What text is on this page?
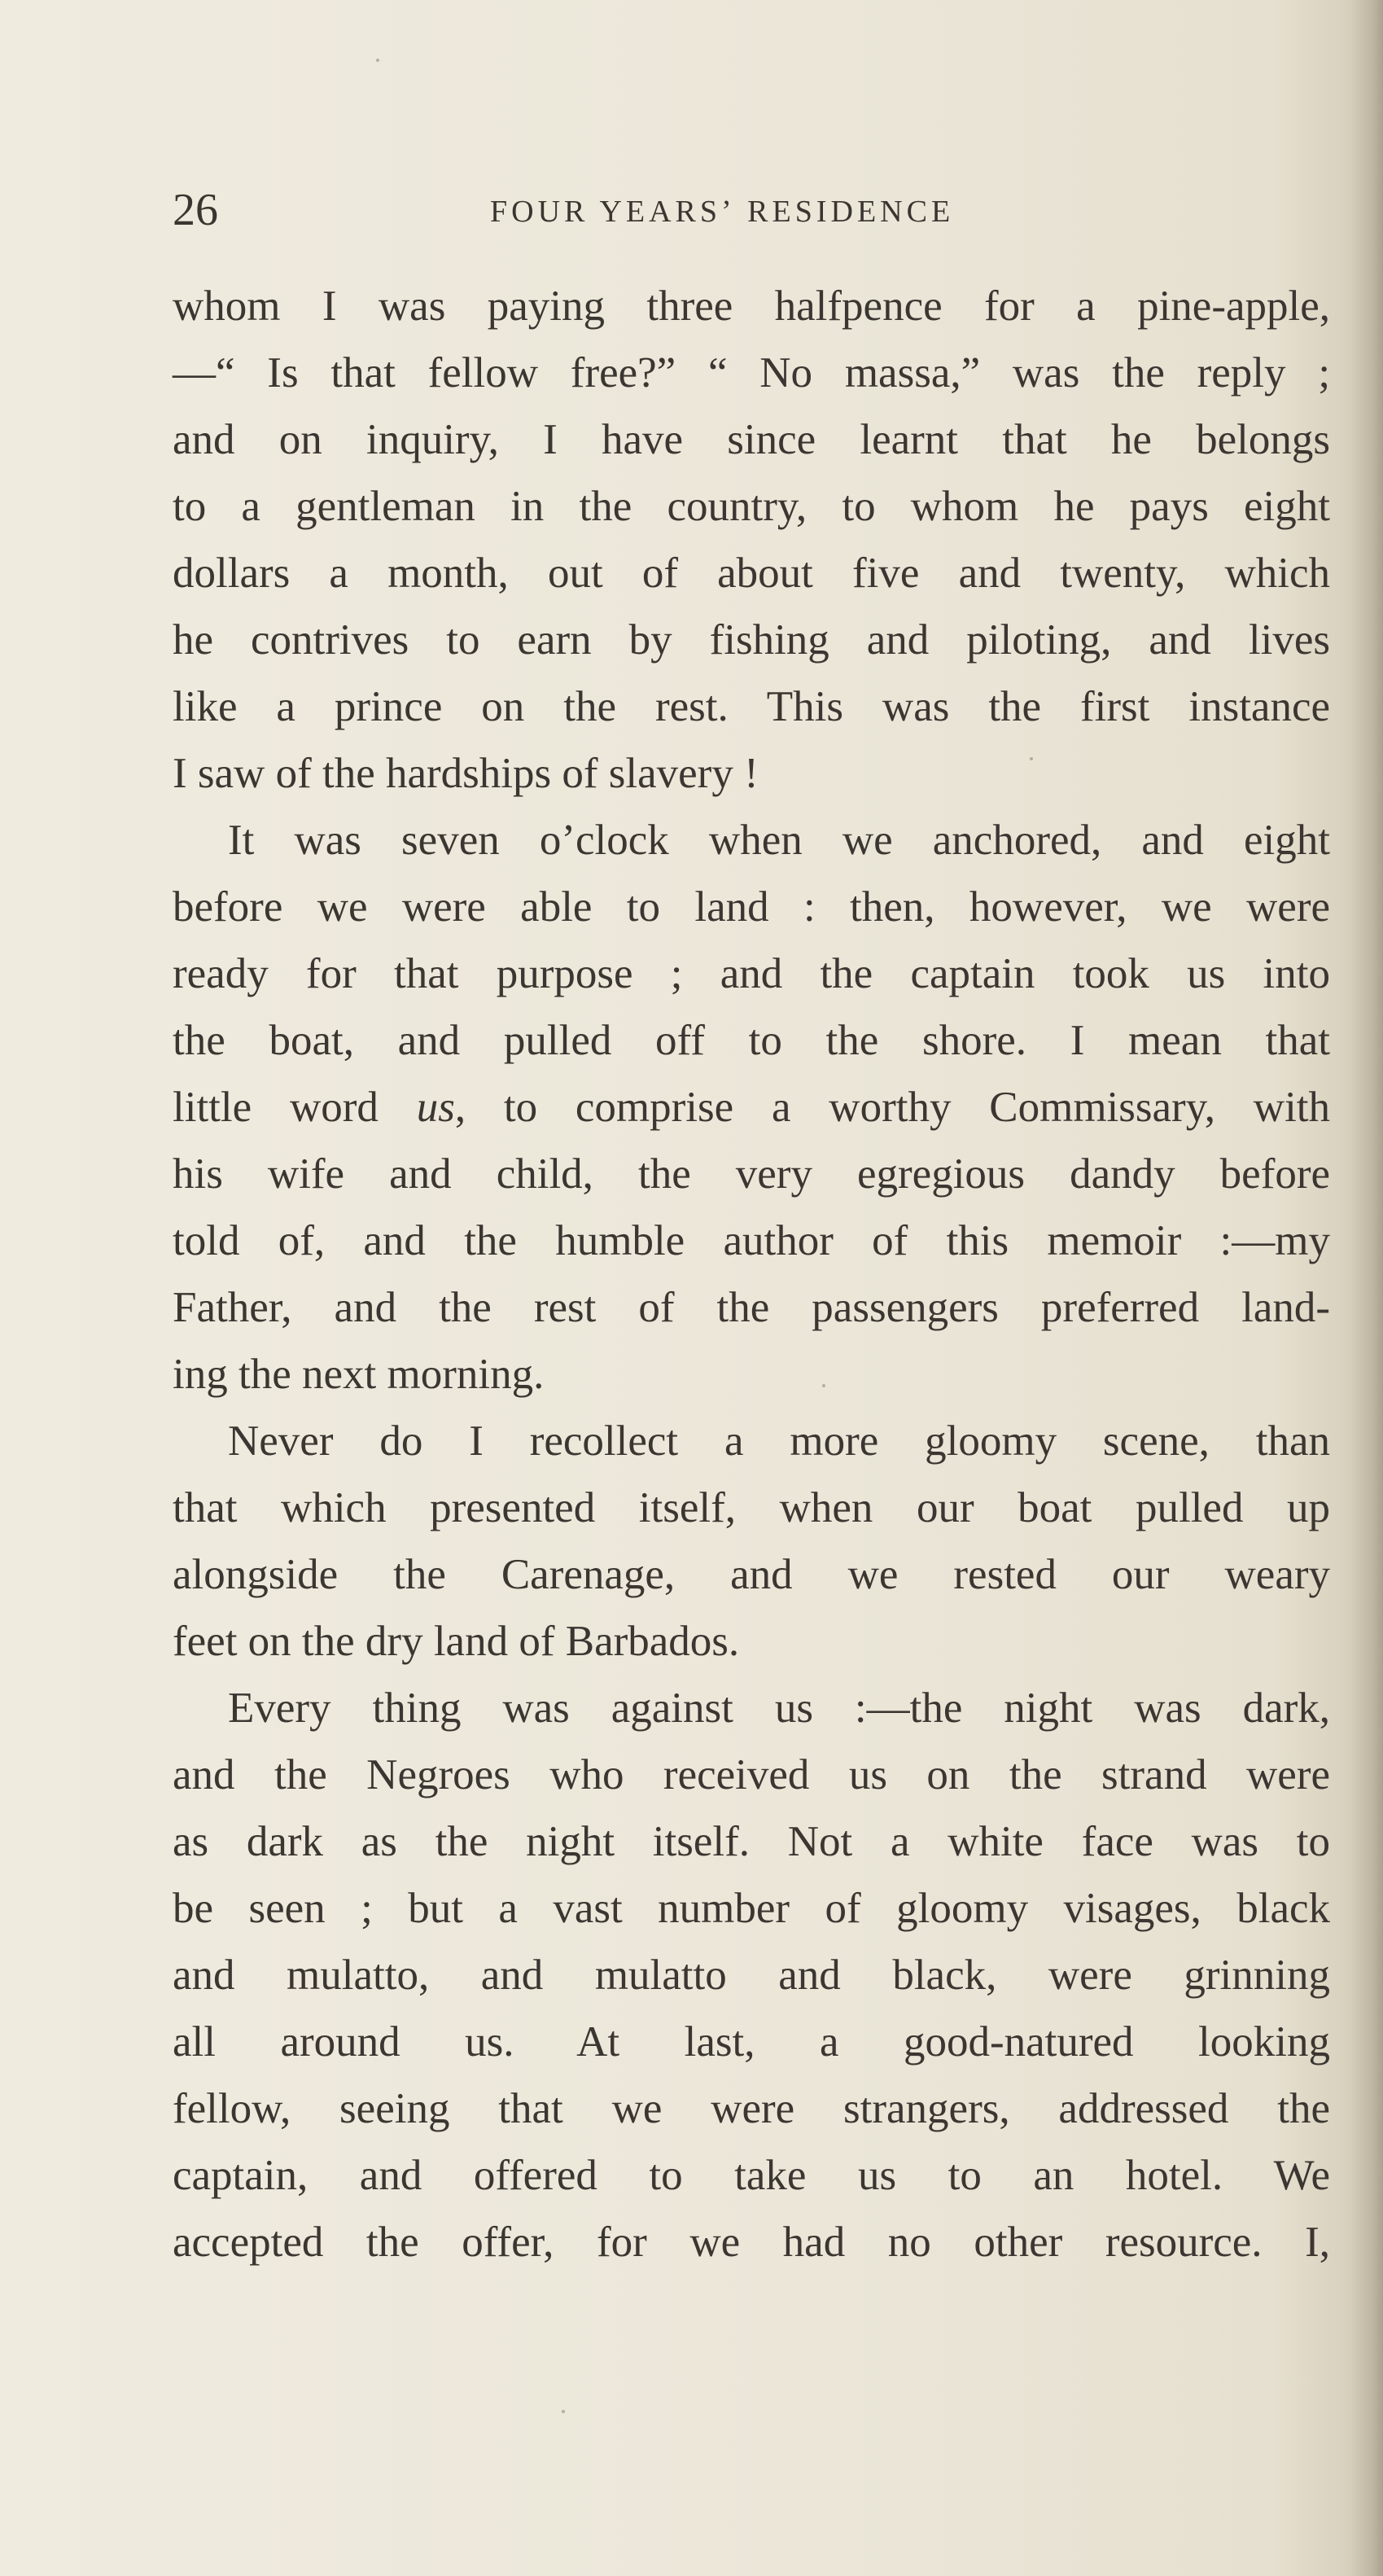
26	FOUR YEARSʼ RESIDENCE
whom I was paying three halfpence for a pine-apple,
—“ Is that fellow free?” “ No massa,” was the reply ;
and on inquiry, I have since learnt that he belongs
to a gentleman in the country, to whom he pays eight
dollars a month, out of about five and twenty, which
he contrives to earn by fishing and piloting, and lives
like a prince on the rest. This was the first instance
I saw of the hardships of slavery !
It was seven o’clock when we anchored, and eight
before we were able to land : then, however, we were
ready for that purpose ; and the captain took us into
the boat, and pulled off to the shore. I mean that
little word us, to comprise a worthy Commissary, with
his wife and child, the very egregious dandy before
told of, and the humble author of this memoir :—my
Father, and the rest of the passengers preferred land-
ing the next morning.
Never do I recollect a more gloomy scene, than
that which presented itself, when our boat pulled up
alongside the Carenage, and we rested our weary
feet on the dry land of Barbados.
Every thing was against us :—the night was dark,
and the Negroes who received us on the strand were
as dark as the night itself. Not a white face was to
be seen ; but a vast number of gloomy visages, black
and mulatto, and mulatto and black, were grinning
all around us. At last, a good-natured looking
fellow, seeing that we were strangers, addressed the
captain, and offered to take us to an hotel. We
accepted the offer, for we had no other resource. I,
